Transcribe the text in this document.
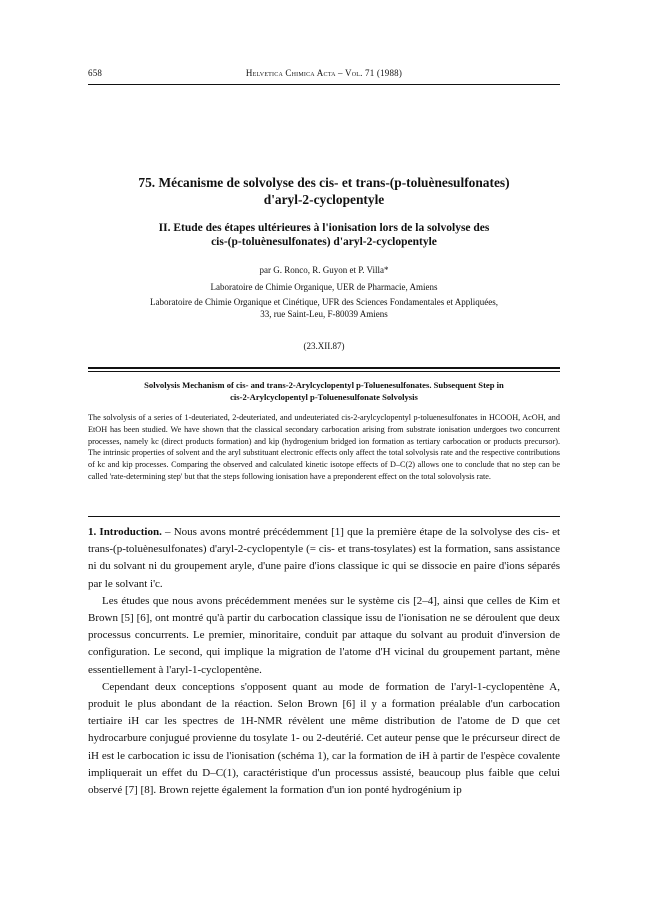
658	Helvetica Chimica Acta – Vol. 71 (1988)
75. Mécanisme de solvolyse des cis- et trans-(p-toluènesulfonates)
d'aryl-2-cyclopentyle
II. Etude des étapes ultérieures à l'ionisation lors de la solvolyse des
cis-(p-toluènesulfonates) d'aryl-2-cyclopentyle
par G. Ronco, R. Guyon et P. Villa*
Laboratoire de Chimie Organique, UER de Pharmacie, Amiens
Laboratoire de Chimie Organique et Cinétique, UFR des Sciences Fondamentales et Appliquées,
33, rue Saint-Leu, F-80039 Amiens
(23.XII.87)
Solvolysis Mechanism of cis- and trans-2-Arylcyclopentyl p-Toluenesulfonates. Subsequent Step in
cis-2-Arylcyclopentyl p-Toluenesulfonate Solvolysis
The solvolysis of a series of 1-deuteriated, 2-deuteriated, and undeuteriated cis-2-arylcyclopentyl p-toluenesulfonates in HCOOH, AcOH, and EtOH has been studied. We have shown that the classical secondary carbocation arising from substrate ionisation undergoes two concurrent processes, namely kc (direct products formation) and kip (hydrogenium bridged ion formation as tertiary carbocation or products precursor). The intrinsic properties of solvent and the aryl substituant electronic effects only affect the total solvolysis rate and the respective contributions of kc and kip processes. Comparing the observed and calculated kinetic isotope effects of D–C(2) allows one to conclude that no step can be called 'rate-determining step' but that the steps following ionisation have a preponderent effect on the total solovolysis rate.

1. Introduction. – Nous avons montré précédemment [1] que la première étape de la solvolyse des cis- et trans-(p-toluènesulfonates) d'aryl-2-cyclopentyle (= cis- et trans-tosylates) est la formation, sans assistance ni du solvant ni du groupement aryle, d'une paire d'ions classique ic qui se dissocie en paire d'ions séparés par le solvant i'c.

Les études que nous avons précédemment menées sur le système cis [2–4], ainsi que celles de Kim et Brown [5] [6], ont montré qu'à partir du carbocation classique issu de l'ionisation ne se déroulent que deux processus concurrents. Le premier, minoritaire, conduit par attaque du solvant au produit d'inversion de configuration. Le second, qui implique la migration de l'atome d'H vicinal du groupement partant, mène essentiellement à l'aryl-1-cyclopentène.

Cependant deux conceptions s'opposent quant au mode de formation de l'aryl-1-cyclopentène A, produit le plus abondant de la réaction. Selon Brown [6] il y a formation préalable d'un carbocation tertiaire iH car les spectres de 1H-NMR révèlent une même distribution de l'atome de D que cet hydrocarbure conjugué provienne du tosylate 1- ou 2-deutérié. Cet auteur pense que le précurseur direct de iH est le carbocation ic issu de l'ionisation (schéma 1), car la formation de iH à partir de l'espèce covalente impliquerait un effet du D–C(1), caractéristique d'un processus assisté, beaucoup plus faible que celui observé [7] [8]. Brown rejette également la formation d'un ion ponté hydrogénium ip
